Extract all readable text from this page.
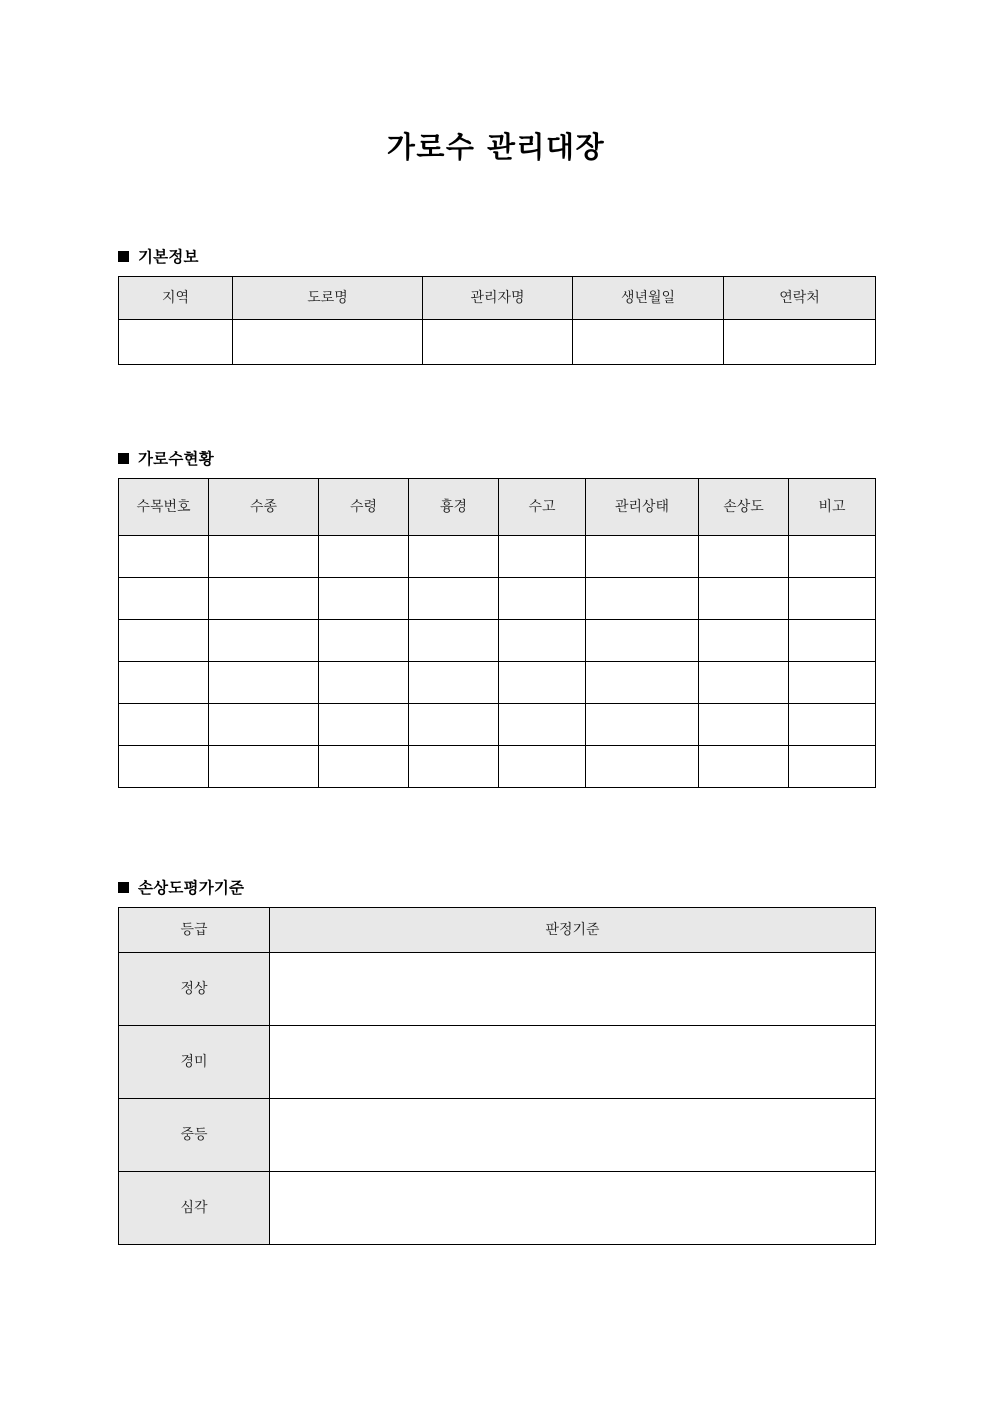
가로수 관리대장
기본정보
지역	도로명	관리자명	생년월일	연락처

가로수현황
수목번호	수종	수령	흉경	수고	관리상태	손상도	비고

손상도평가기준
등급	판정기준
정상	
경미	
중등	
심각	
